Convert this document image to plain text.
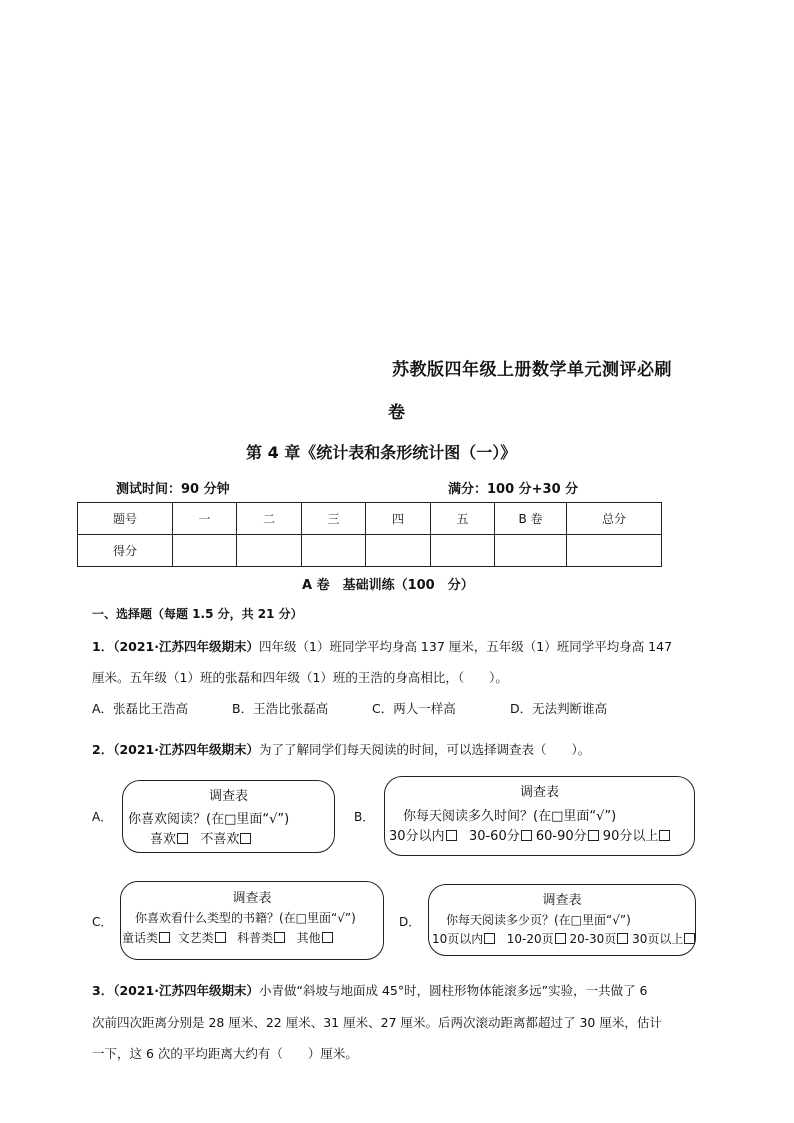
苏教版四年级上册数学单元测评必刷
卷
第 4 章《统计表和条形统计图（一）》
测试时间：90 分钟	满分：100 分+30 分
题号	一	二	三	四	五	B 卷	总分
得分							
A 卷　基础训练（100　分）
一、选择题（每题 1.5 分，共 21 分）
1．（2021·江苏四年级期末）四年级（1）班同学平均身高 137 厘米，五年级（1）班同学平均身高 147
厘米。五年级（1）班的张磊和四年级（1）班的王浩的身高相比，（　　）。
A．张磊比王浩高	B．王浩比张磊高	C．两人一样高	D．无法判断谁高
2．（2021·江苏四年级期末）为了了解同学们每天阅读的时间，可以选择调查表（　　）。
A．
调查表
你喜欢阅读？(在□里面“√”)
喜欢 不喜欢
B．
调查表
你每天阅读多久时间？(在□里面“√”)
30分以内 30-60分 60-90分 90分以上
C．
调查表
你喜欢看什么类型的书籍？(在□里面“√”)
童话类 文艺类 科普类 其他
D．
调查表
你每天阅读多少页？(在□里面“√”)
10页以内 10-20页 20-30页 30页以上
3．（2021·江苏四年级期末）小青做“斜坡与地面成 45°时，圆柱形物体能滚多远”实验，一共做了 6
次前四次距离分别是 28 厘米、22 厘米、31 厘米、27 厘米。后两次滚动距离都超过了 30 厘米，估计
一下，这 6 次的平均距离大约有（　　）厘米。
